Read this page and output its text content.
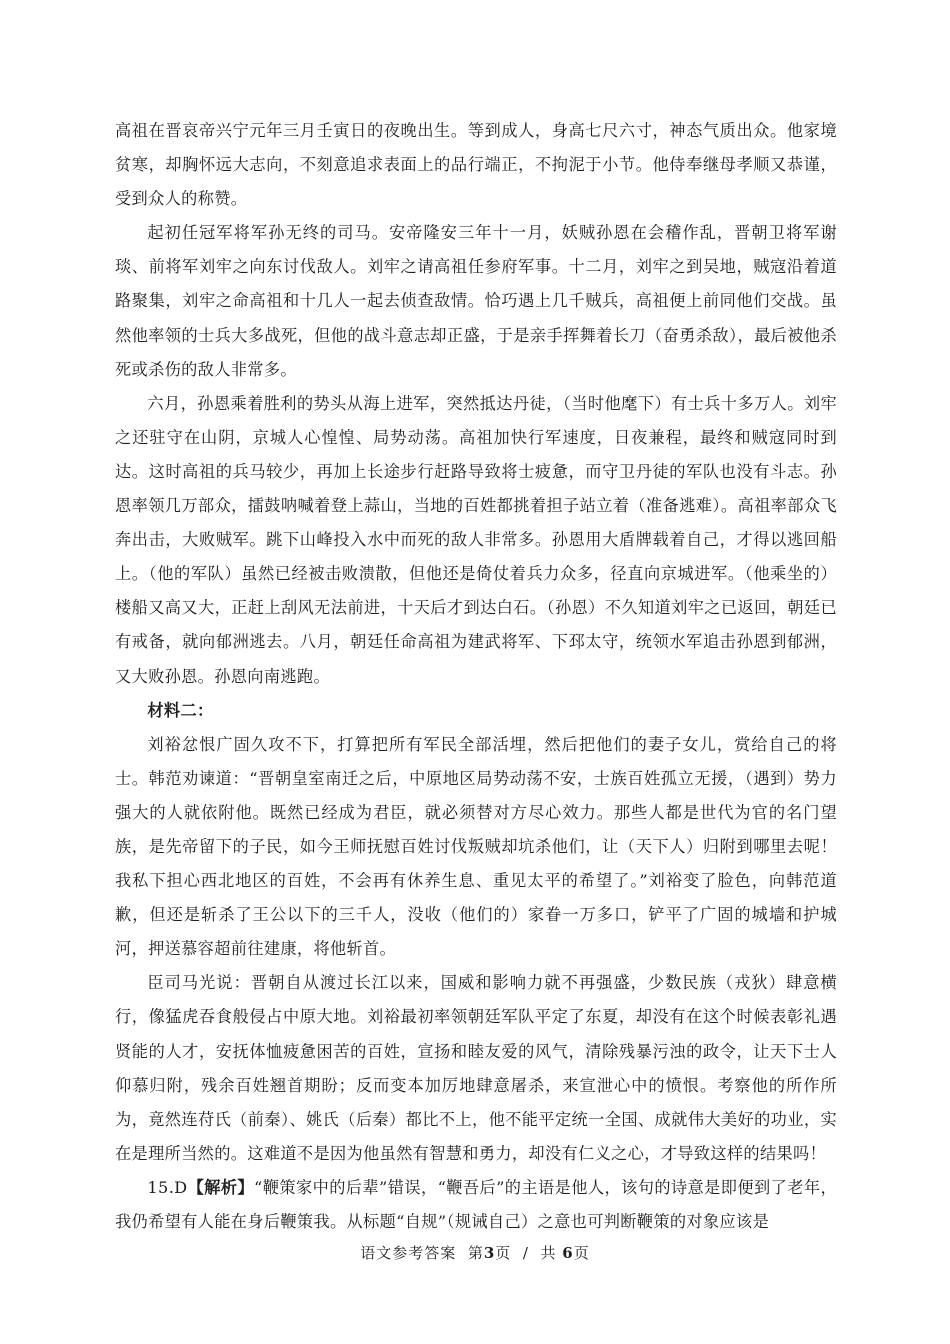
高祖在晋哀帝兴宁元年三月壬寅日的夜晚出生。等到成人，身高七尺六寸，神态气质出众。他家境贫寒，却胸怀远大志向，不刻意追求表面上的品行端正，不拘泥于小节。他侍奉继母孝顺又恭谨，受到众人的称赞。

起初任冠军将军孙无终的司马。安帝隆安三年十一月，妖贼孙恩在会稽作乱，晋朝卫将军谢琰、前将军刘牢之向东讨伐敌人。刘牢之请高祖任参府军事。十二月，刘牢之到吴地，贼寇沿着道路聚集，刘牢之命高祖和十几人一起去侦查敌情。恰巧遇上几千贼兵，高祖便上前同他们交战。虽然他率领的士兵大多战死，但他的战斗意志却正盛，于是亲手挥舞着长刀（奋勇杀敌），最后被他杀死或杀伤的敌人非常多。

六月，孙恩乘着胜利的势头从海上进军，突然抵达丹徒，（当时他麾下）有士兵十多万人。刘牢之还驻守在山阴，京城人心惶惶、局势动荡。高祖加快行军速度，日夜兼程，最终和贼寇同时到达。这时高祖的兵马较少，再加上长途步行赶路导致将士疲惫，而守卫丹徒的军队也没有斗志。孙恩率领几万部众，擂鼓呐喊着登上蒜山，当地的百姓都挑着担子站立着（准备逃难）。高祖率部众飞奔出击，大败贼军。跳下山峰投入水中而死的敌人非常多。孙恩用大盾牌载着自己，才得以逃回船上。（他的军队）虽然已经被击败溃散，但他还是倚仗着兵力众多，径直向京城进军。（他乘坐的）楼船又高又大，正赶上刮风无法前进，十天后才到达白石。（孙恩）不久知道刘牢之已返回，朝廷已有戒备，就向郁洲逃去。八月，朝廷任命高祖为建武将军、下邳太守，统领水军追击孙恩到郁洲，又大败孙恩。孙恩向南逃跑。

材料二：

刘裕忿恨广固久攻不下，打算把所有军民全部活埋，然后把他们的妻子女儿，赏给自己的将士。韩范劝谏道：“晋朝皇室南迁之后，中原地区局势动荡不安，士族百姓孤立无援，（遇到）势力强大的人就依附他。既然已经成为君臣，就必须替对方尽心效力。那些人都是世代为官的名门望族，是先帝留下的子民，如今王师抚慰百姓讨伐叛贼却坑杀他们，让（天下人）归附到哪里去呢！我私下担心西北地区的百姓，不会再有休养生息、重见太平的希望了。”刘裕变了脸色，向韩范道歉，但还是斩杀了王公以下的三千人，没收（他们的）家眷一万多口，铲平了广固的城墙和护城河，押送慕容超前往建康，将他斩首。

臣司马光说：晋朝自从渡过长江以来，国威和影响力就不再强盛，少数民族（戎狄）肆意横行，像猛虎吞食般侵占中原大地。刘裕最初率领朝廷军队平定了东夏，却没有在这个时候表彰礼遇贤能的人才，安抚体恤疲惫困苦的百姓，宣扬和睦友爱的风气，清除残暴污浊的政令，让天下士人仰慕归附，残余百姓翘首期盼；反而变本加厉地肆意屠杀，来宣泄心中的愤恨。考察他的所作所为，竟然连苻氏（前秦）、姚氏（后秦）都比不上，他不能平定统一全国、成就伟大美好的功业，实在是理所当然的。这难道不是因为他虽然有智慧和勇力，却没有仁义之心，才导致这样的结果吗！

15.D【解析】“鞭策家中的后辈”错误，“鞭吾后”的主语是他人，该句的诗意是即便到了老年，我仍希望有人能在身后鞭策我。从标题“自规”（规诫自己）之意也可判断鞭策的对象应该是

语文参考答案 第3页 / 共 6页
